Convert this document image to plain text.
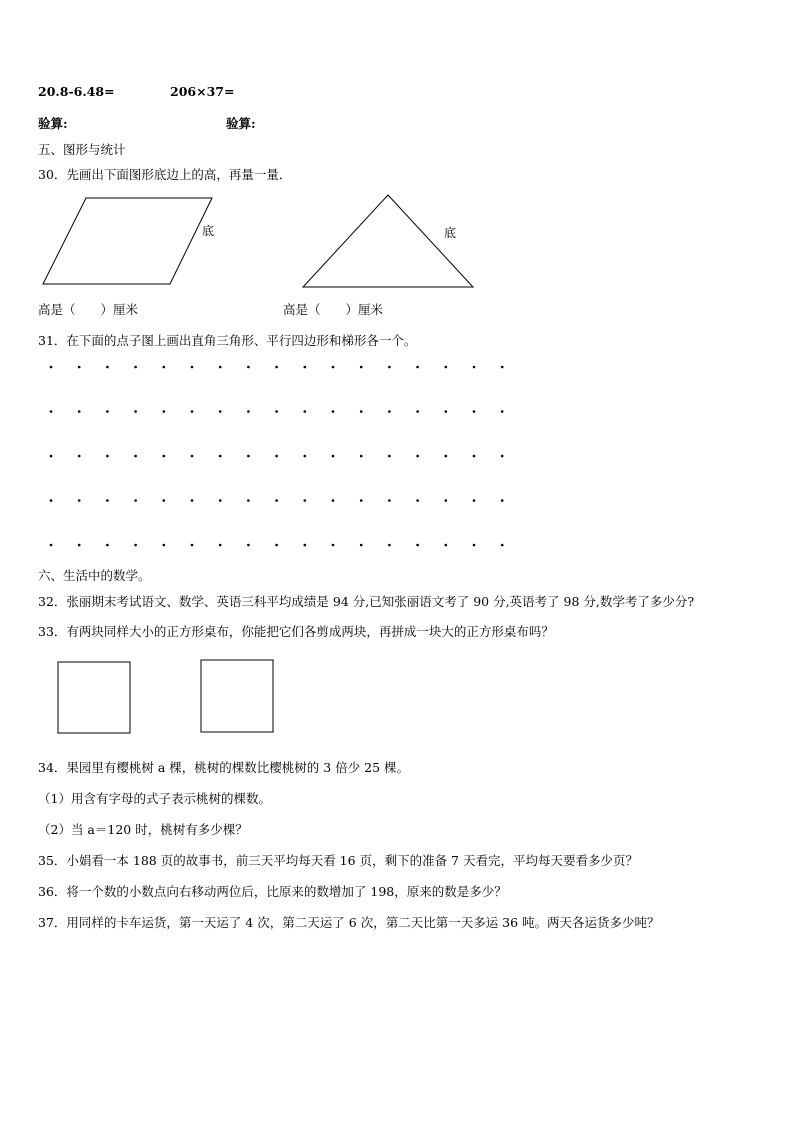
20.8-6.48=	206×37=
验算:	验算:
五、图形与统计
30．先画出下面图形底边上的高，再量一量．
底	底
高是（　　）厘米	高是（　　）厘米
31．在下面的点子图上画出直角三角形、平行四边形和梯形各一个。
六、生活中的数学。
32．张丽期末考试语文、数学、英语三科平均成绩是 94 分,已知张丽语文考了 90 分,英语考了 98 分,数学考了多少分?
33．有两块同样大小的正方形桌布，你能把它们各剪成两块，再拼成一块大的正方形桌布吗？
34．果园里有樱桃树 a 棵，桃树的棵数比樱桃树的 3 倍少 25 棵。
（1）用含有字母的式子表示桃树的棵数。
（2）当 a＝120 时，桃树有多少棵？
35．小娟看一本 188 页的故事书，前三天平均每天看 16 页，剩下的准备 7 天看完，平均每天要看多少页？
36．将一个数的小数点向右移动两位后，比原来的数增加了 198，原来的数是多少？
37．用同样的卡车运货，第一天运了 4 次，第二天运了 6 次，第二天比第一天多运 36 吨。两天各运货多少吨？
